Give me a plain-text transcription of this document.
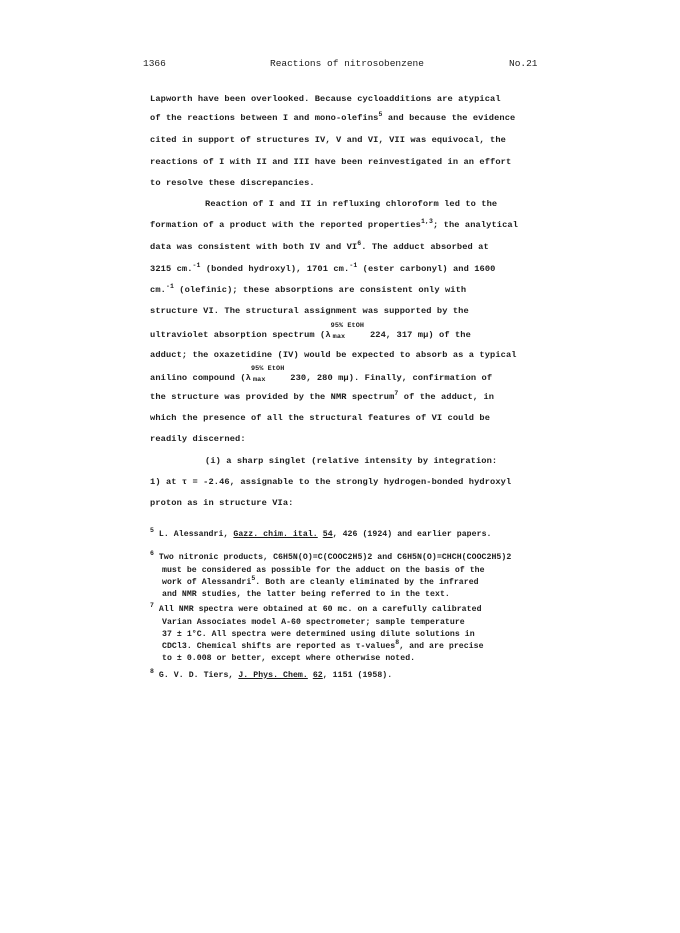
1366	Reactions of nitrosobenzene	No.21
Lapworth have been overlooked. Because cycloadditions are atypical
of the reactions between I and mono-olefins$^5$ and because the evidence
cited in support of structures IV, V and VI, VII was equivocal, the
reactions of I with II and III have been reinvestigated in an effort
to resolve these discrepancies.
Reaction of I and II in refluxing chloroform led to the
formation of a product with the reported properties$^{1,3}$; the analytical
data was consistent with both IV and $VI^6$. The adduct absorbed at
3215 cm.$^{-1}$ (bonded hydroxyl), 1701 cm.$^{-1}$ (ester carbonyl) and 1600
cm.$^{-1}$ (olefinic); these absorptions are consistent only with
structure VI. The structural assignment was supported by the
ultraviolet absorption spectrum (λ
95% EtOH
max 224, 317 mμ) of the
adduct; the oxazetidine (IV) would be expected to absorb as a typical
anilino compound (λ
95% EtOH
max 230, 280 mμ). Finally, confirmation of
the structure was provided by the NMR spectrum$^7$ of the adduct, in
which the presence of all the structural features of VI could be
readily discerned:
(i) a sharp singlet (relative intensity by integration:
1) at τ = -2.46, assignable to the strongly hydrogen-bonded hydroxyl
proton as in structure VIa:
$^5$ L. Alessandri, Gazz. chim. ital. 54, 426 (1924) and earlier papers.
$^6$ Two nitronic products, C6H5N(O)=C(COOC2H5)2 and C6H5N(O)=CHCH(COOC2H5)2
must be considered as possible for the adduct on the basis of the
work of Alessandri$^5$. Both are cleanly eliminated by the infrared
and NMR studies, the latter being referred to in the text.
$^7$ All NMR spectra were obtained at 60 mc. on a carefully calibrated
Varian Associates model A-60 spectrometer; sample temperature
37 ± 1°C. All spectra were determined using dilute solutions in
CDCl3. Chemical shifts are reported as τ-values$^8$, and are precise
to ± 0.008 or better, except where otherwise noted.
$^8$ G. V. D. Tiers, J. Phys. Chem. 62, 1151 (1958).
